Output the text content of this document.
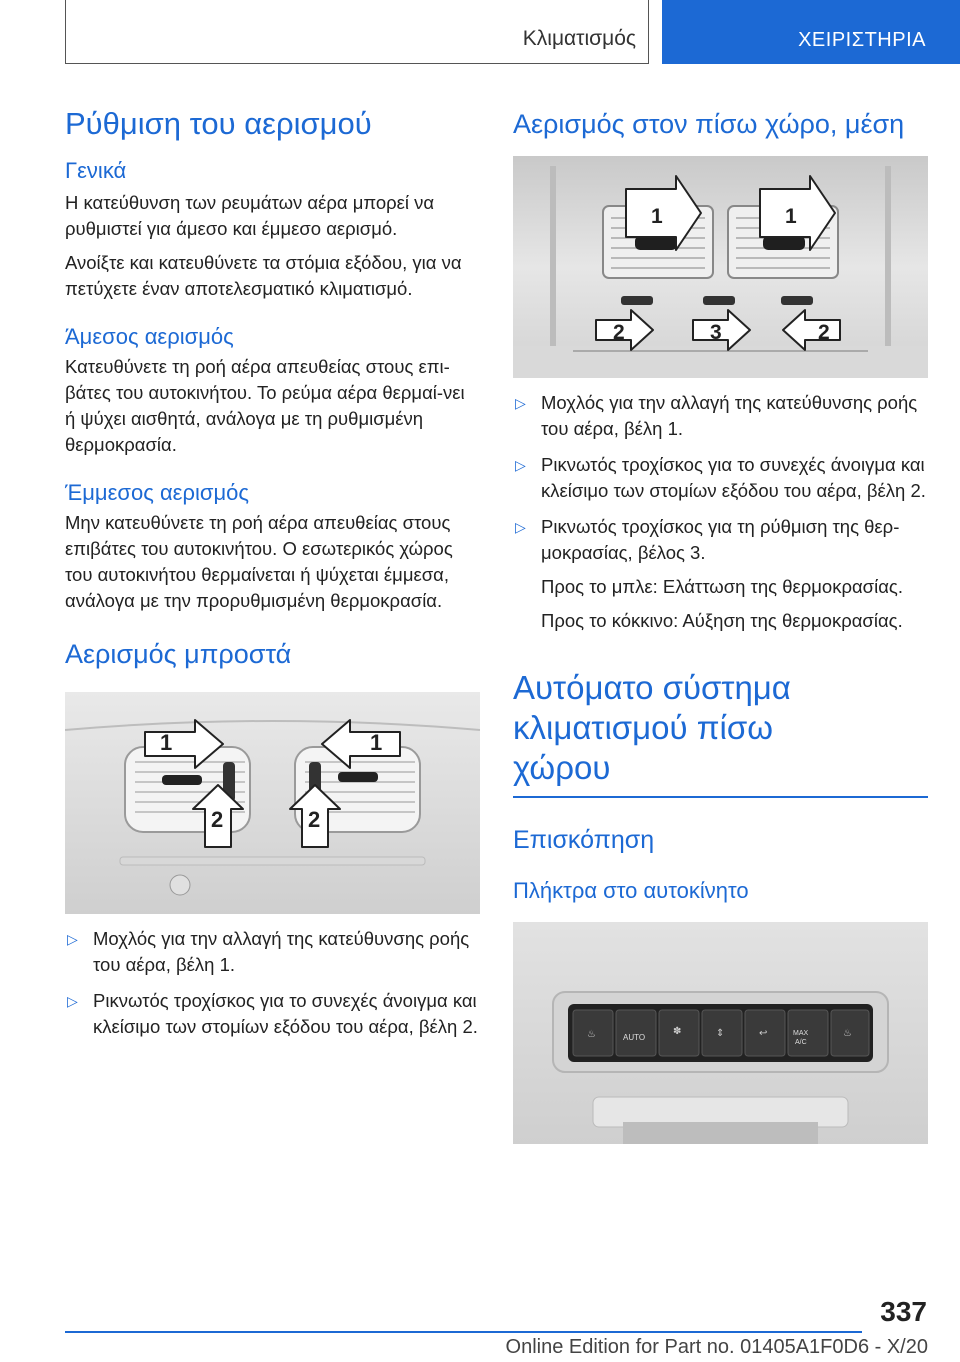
Κλιματισμός	ΧΕΙΡΙΣΤΗΡΙΑ
Ρύθμιση του αερισμού
Γενικά

Η κατεύθυνση των ρευμάτων αέρα μπορεί να ρυθμιστεί για άμεσο και έμμεσο αερισμό.

Ανοίξτε και κατευθύνετε τα στόμια εξόδου, για να πετύχετε έναν αποτελεσματικό κλιματισμό.

Άμεσος αερισμός

Κατευθύνετε τη ροή αέρα απευθείας στους επι-βάτες του αυτοκινήτου. Το ρεύμα αέρα θερμαί-νει ή ψύχει αισθητά, ανάλογα με τη ρυθμισμένη θερμοκρασία.

Έμμεσος αερισμός

Μην κατευθύνετε τη ροή αέρα απευθείας στους επιβάτες του αυτοκινήτου. Ο εσωτερικός χώρος του αυτοκινήτου θερμαίνεται ή ψύχεται έμμεσα, ανάλογα με την προρυθμισμένη θερμοκρασία.

Αερισμός μπροστά
1	1
2	2
▷ Μοχλός για την αλλαγή της κατεύθυνσης ροής του αέρα, βέλη 1.

▷ Ρικνωτός τροχίσκος για το συνεχές άνοιγμα και κλείσιμο των στομίων εξόδου του αέρα, βέλη 2.

Αερισμός στον πίσω χώρο, μέση
1	1
2	3	2
▷ Μοχλός για την αλλαγή της κατεύθυνσης ροής του αέρα, βέλη 1.

▷ Ρικνωτός τροχίσκος για το συνεχές άνοιγμα και κλείσιμο των στομίων εξόδου του αέρα, βέλη 2.

▷ Ρικνωτός τροχίσκος για τη ρύθμιση της θερ-μοκρασίας, βέλος 3.

Προς το μπλε: Ελάττωση της θερμοκρασίας.

Προς το κόκκινο: Αύξηση της θερμοκρασίας.

Αυτόματο σύστημα κλιματισμού πίσω χώρου
Επισκόπηση
Πλήκτρα στο αυτοκίνητο
AUTO	MAX
A/C
♨	✽	⇕	↩	♨
337
Online Edition for Part no. 01405A1F0D6 - X/20
